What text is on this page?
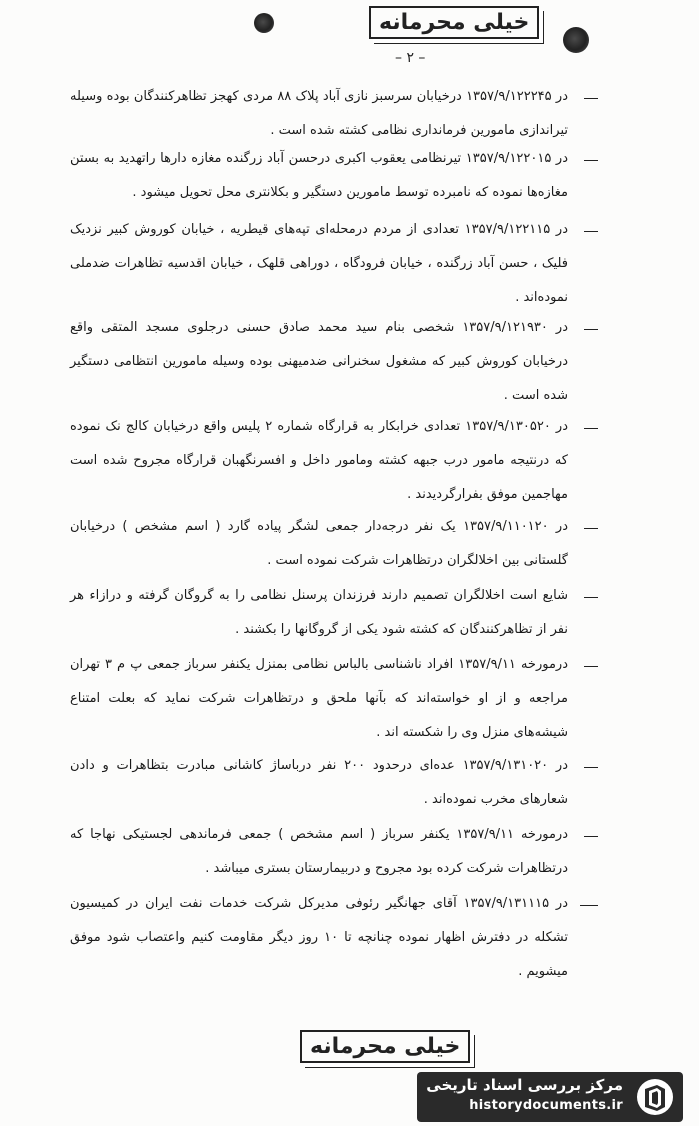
خیلی محرمانه
– ۲ –
در ۱۳۵۷/۹/۱۲۲۲۴۵ درخیابان سرسبز نازی آباد پلاک ۸۸ مردی کهجز تظاهرکنندگان بوده وسیله تیراندازی مامورین فرمانداری نظامی کشته شده است .
در ۱۳۵۷/۹/۱۲۲۰۱۵ تیرنظامی یعقوب اکبری درحسن آباد زرگنده مغازه دارها راتهدید به بستن مغازه‌ها نموده که نامبرده توسط مامورین دستگیر و بکلانتری محل تحویل میشود .
در ۱۳۵۷/۹/۱۲۲۱۱۵ تعدادی از مردم درمحله‌ای تپه‌های قیطریه ، خیابان کوروش کبیر نزدیک فلیک ، حسن آباد زرگنده ، خیابان فرودگاه ، دوراهی قلهک ، خیابان اقدسیه تظاهرات ضدملی نموده‌اند .
در ۱۳۵۷/۹/۱۲۱۹۳۰ شخصی بنام سید محمد صادق حسنی درجلوی مسجد المتقی واقع درخیابان کوروش کبیر که مشغول سخنرانی ضدمیهنی بوده وسیله مامورین انتظامی دستگیر شده است .
در ۱۳۵۷/۹/۱۳۰۵۲۰ تعدادی خرابکار به قرارگاه شماره ۲ پلیس واقع درخیابان کالج نک نموده که درنتیجه مامور درب جبهه کشته ومامور داخل و افسرنگهبان قرارگاه مجروح شده است مهاجمین موفق بفرارگردیدند .
در ۱۳۵۷/۹/۱۱۰۱۲۰ یک نفر درجه‌دار جمعی لشگر پیاده گارد ( اسم مشخص ) درخیابان گلستانی بین اخلالگران درتظاهرات شرکت نموده است .
شایع است اخلالگران تصمیم دارند فرزندان پرسنل نظامی را به گروگان گرفته و درازاء هر نفر از تظاهرکنندگان که کشته شود یکی از گروگانها را بکشند .
درمورخه ۱۳۵۷/۹/۱۱ افراد ناشناسی بالباس نظامی بمنزل یکنفر سرباز جمعی پ م ۳ تهران مراجعه و از او خواسته‌اند که بآنها ملحق و درتظاهرات شرکت نماید که بعلت امتناع شیشه‌های منزل وی را شکسته اند .
در ۱۳۵۷/۹/۱۳۱۰۲۰ عده‌ای درحدود ۲۰۰ نفر درباساژ کاشانی مبادرت بتظاهرات و دادن شعارهای مخرب نموده‌اند .
درمورخه ۱۳۵۷/۹/۱۱ یکنفر سرباز ( اسم مشخص ) جمعی فرماندهی لجستیکی نهاجا که درتظاهرات شرکت کرده بود مجروح و دربیمارستان بستری میباشد .
در ۱۳۵۷/۹/۱۳۱۱۱۵ آقای جهانگیر رئوفی مدیرکل شرکت خدمات نفت ایران در کمیسیون تشکله در دفترش اظهار نموده چنانچه تا ۱۰ روز دیگر مقاومت کنیم واعتصاب شود موفق میشویم .
خیلی محرمانه
مرکز بررسی اسناد تاریخی
historydocuments.ir
